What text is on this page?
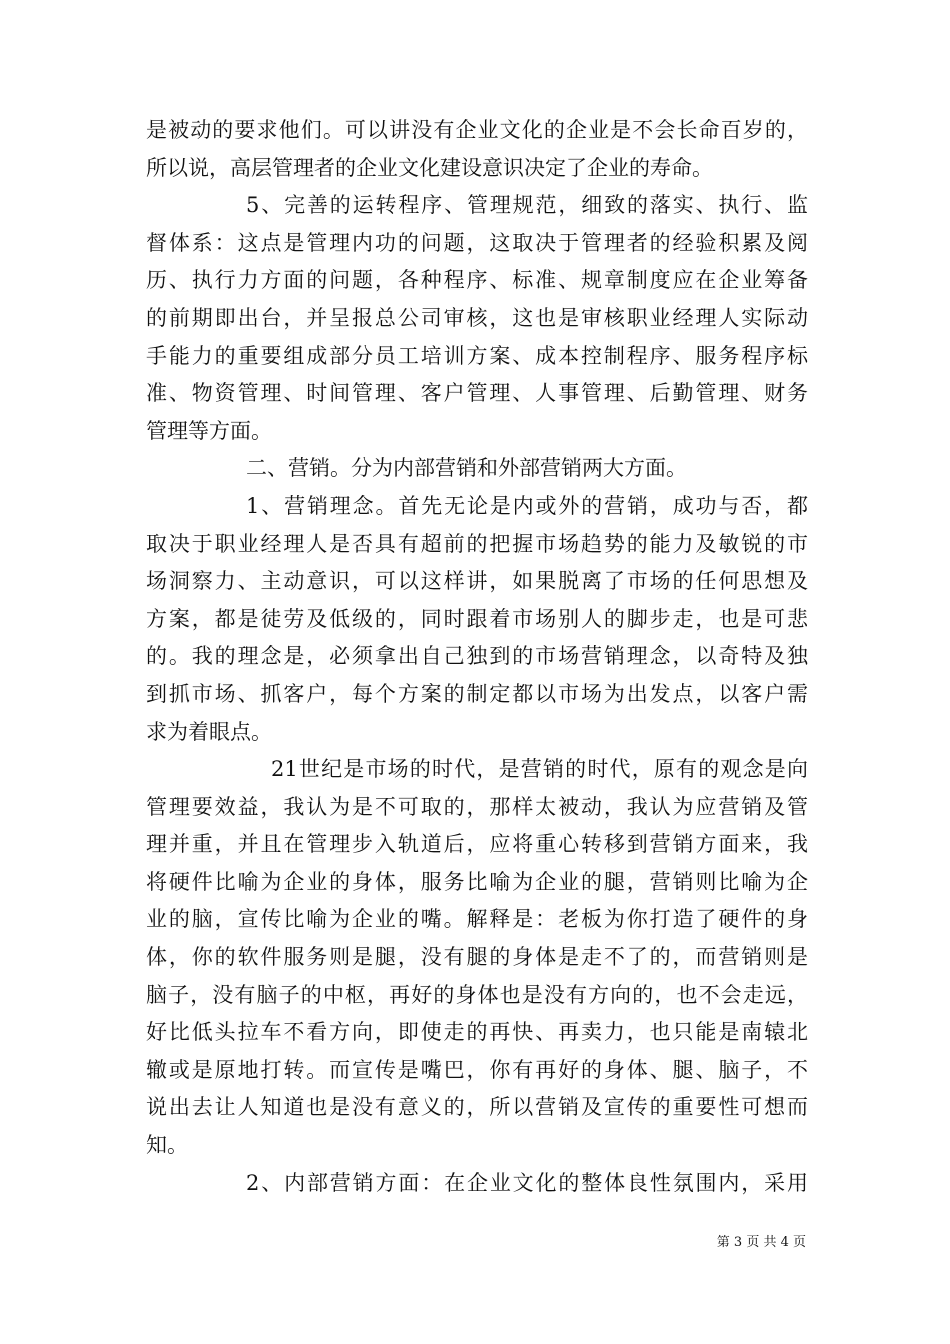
是被动的要求他们。可以讲没有企业文化的企业是不会长命百岁的，
所以说，高层管理者的企业文化建设意识决定了企业的寿命。
5、完善的运转程序、管理规范，细致的落实、执行、监
督体系：这点是管理内功的问题，这取决于管理者的经验积累及阅
历、执行力方面的问题，各种程序、标准、规章制度应在企业筹备
的前期即出台，并呈报总公司审核，这也是审核职业经理人实际动
手能力的重要组成部分员工培训方案、成本控制程序、服务程序标
准、物资管理、时间管理、客户管理、人事管理、后勤管理、财务
管理等方面。
二、营销。分为内部营销和外部营销两大方面。
1、营销理念。首先无论是内或外的营销，成功与否，都
取决于职业经理人是否具有超前的把握市场趋势的能力及敏锐的市
场洞察力、主动意识，可以这样讲，如果脱离了市场的任何思想及
方案，都是徒劳及低级的，同时跟着市场别人的脚步走，也是可悲
的。我的理念是，必须拿出自己独到的市场营销理念，以奇特及独
到抓市场、抓客户，每个方案的制定都以市场为出发点，以客户需
求为着眼点。
21世纪是市场的时代，是营销的时代，原有的观念是向
管理要效益，我认为是不可取的，那样太被动，我认为应营销及管
理并重，并且在管理步入轨道后，应将重心转移到营销方面来，我
将硬件比喻为企业的身体，服务比喻为企业的腿，营销则比喻为企
业的脑，宣传比喻为企业的嘴。解释是：老板为你打造了硬件的身
体，你的软件服务则是腿，没有腿的身体是走不了的，而营销则是
脑子，没有脑子的中枢，再好的身体也是没有方向的，也不会走远，
好比低头拉车不看方向，即使走的再快、再卖力，也只能是南辕北
辙或是原地打转。而宣传是嘴巴，你有再好的身体、腿、脑子，不
说出去让人知道也是没有意义的，所以营销及宣传的重要性可想而
知。
2、内部营销方面：在企业文化的整体良性氛围内，采用
第 3 页 共 4 页
